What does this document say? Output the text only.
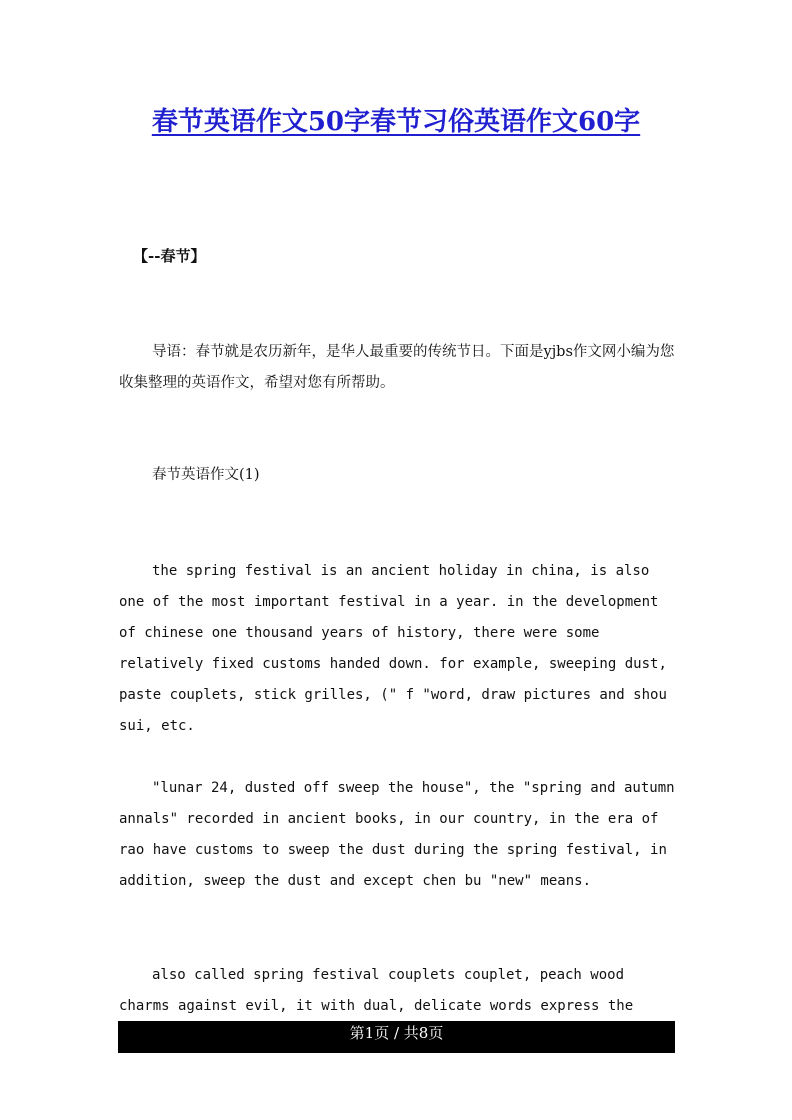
春节英语作文50字春节习俗英语作文60字
【--春节】

导语：春节就是农历新年，是华人最重要的传统节日。下面是yjbs作文网小编为您收集整理的英语作文，希望对您有所帮助。

春节英语作文(1)

the spring festival is an ancient holiday in china, is also one of the most important festival in a year. in the development of chinese one thousand years of history, there were some relatively fixed customs handed down. for example, sweeping dust, paste couplets, stick grilles, (" f "word, draw pictures and shou sui, etc.

"lunar 24, dusted off sweep the house", the "spring and autumn annals" recorded in ancient books, in our country, in the era of rao have customs to sweep the dust during the spring festival, in addition, sweep the dust and except chen bu "new" means.

also called spring festival couplets couplet, peach wood charms against evil, it with dual, delicate words express the

第1页 / 共8页
